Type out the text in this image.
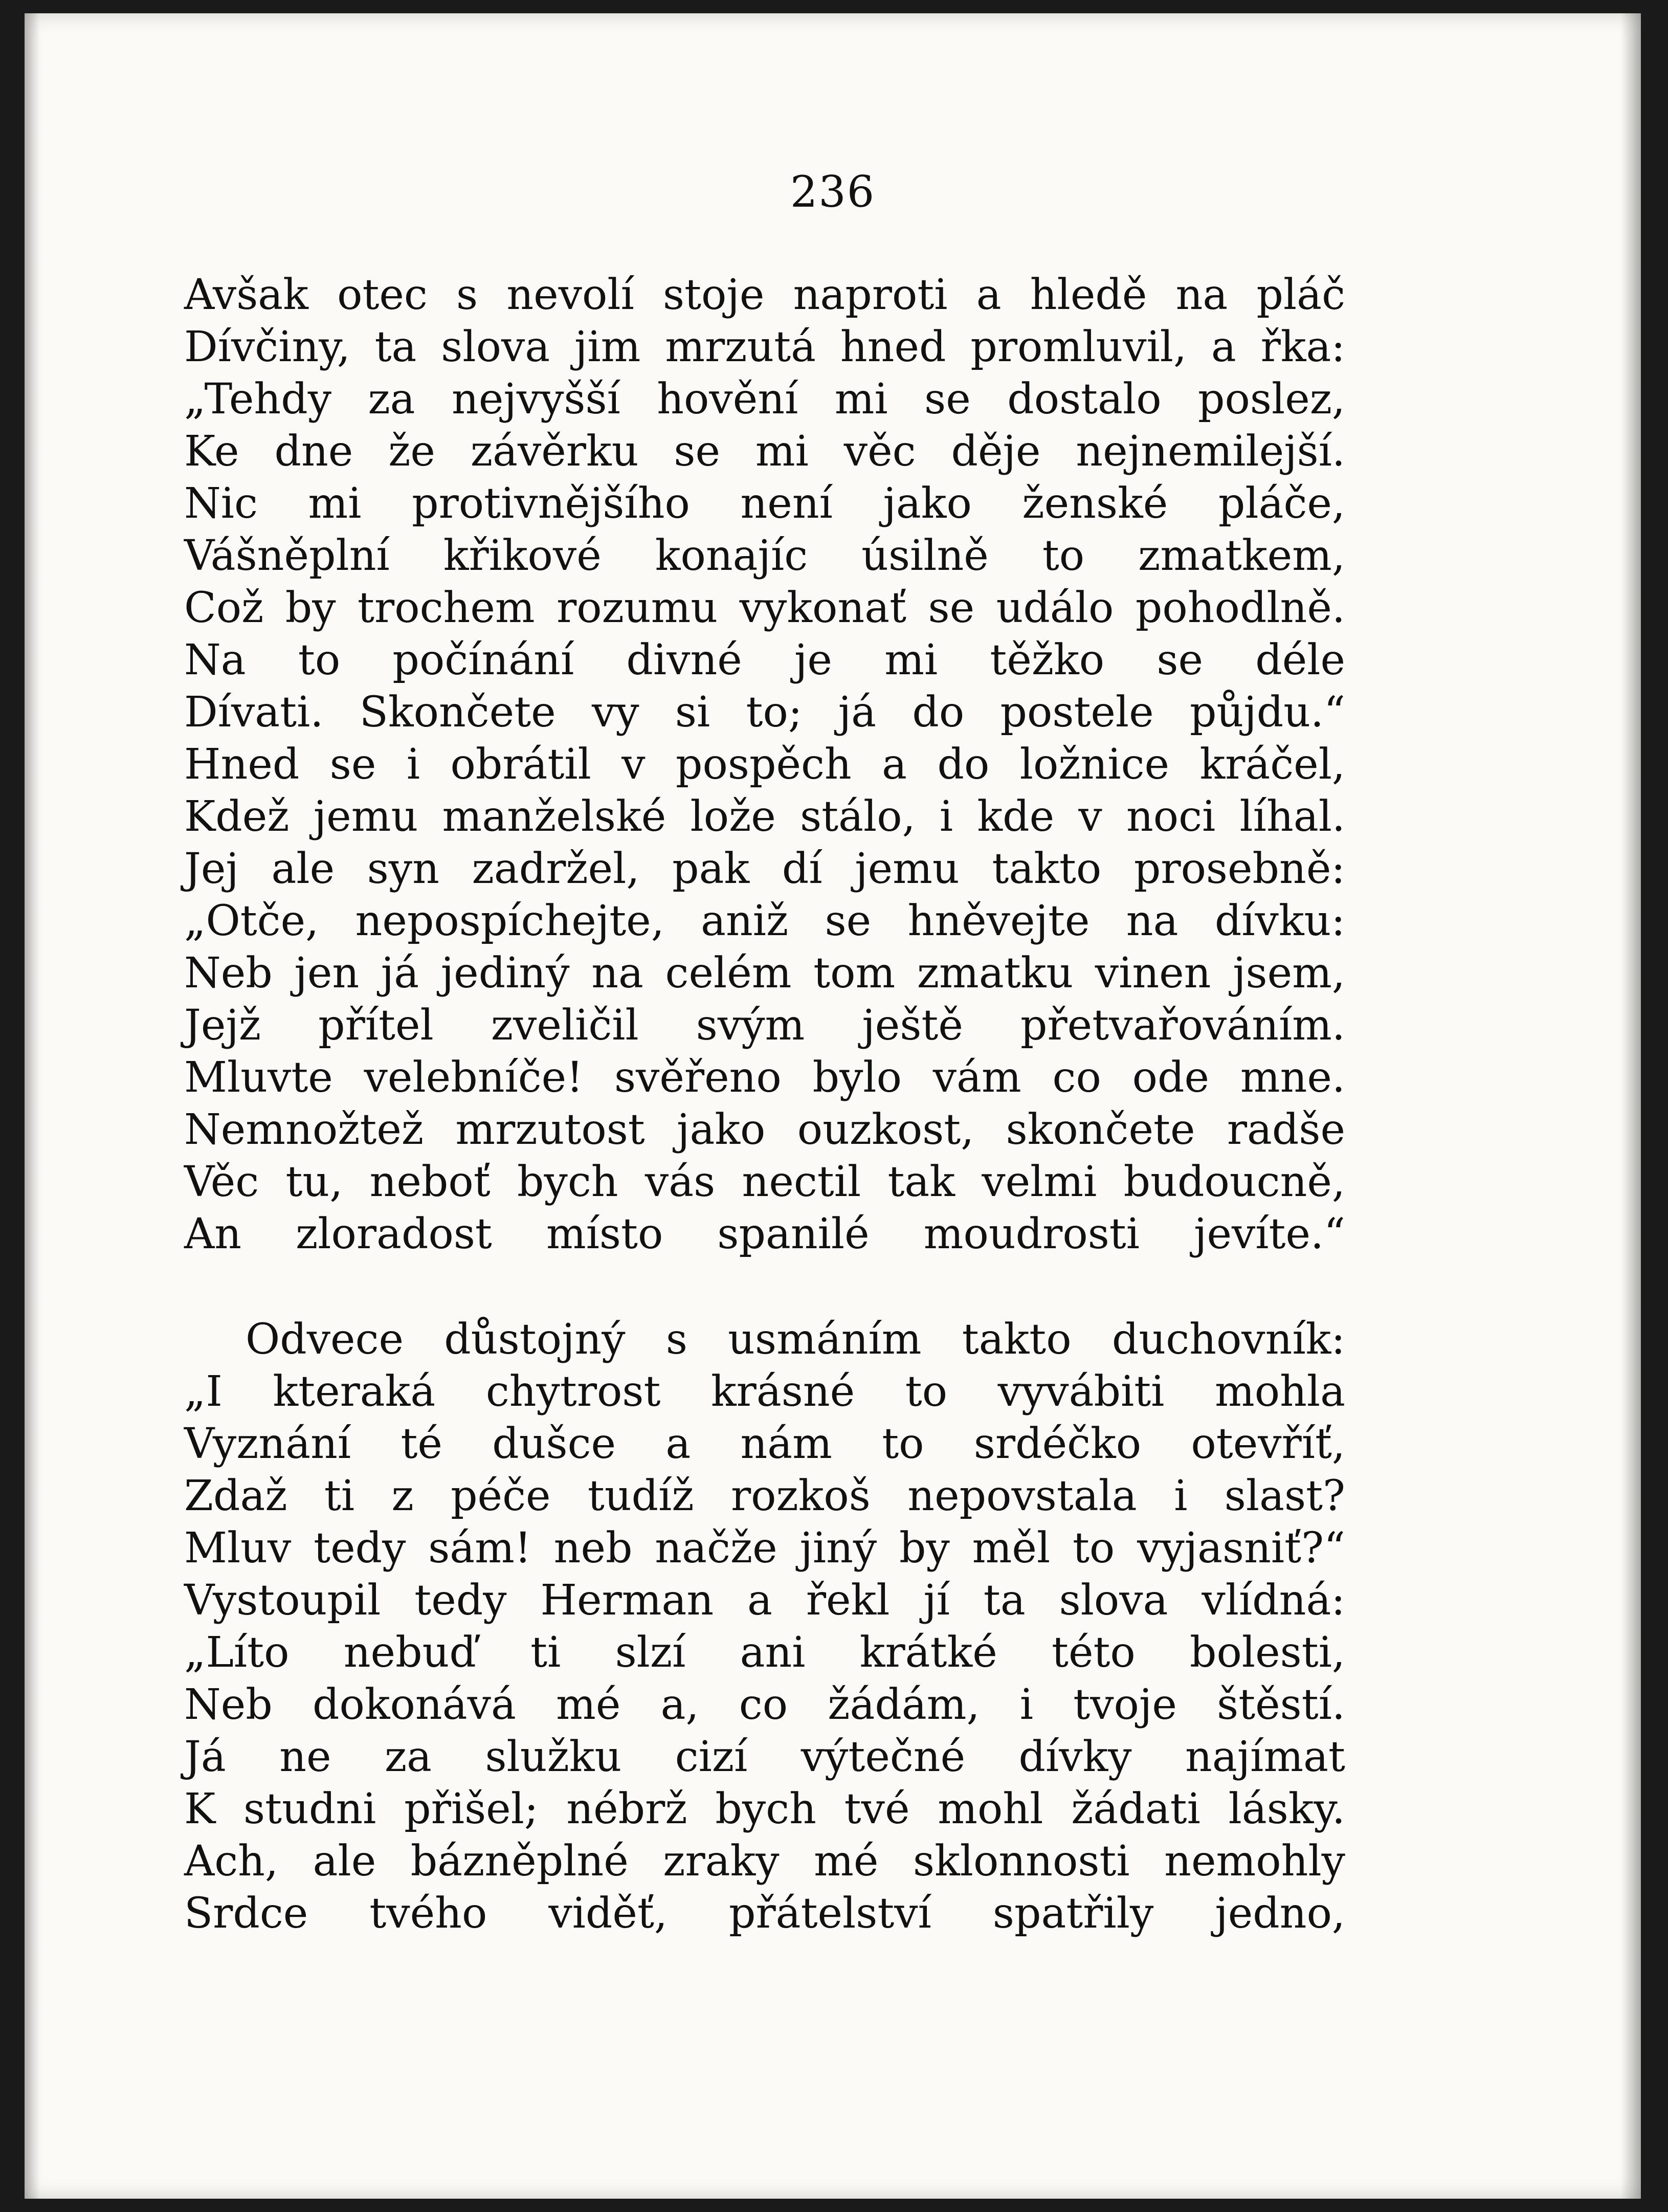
236
Avšak otec s nevolí stoje naproti a hledě na pláč
Dívčiny, ta slova jim mrzutá hned promluvil, a řka:
„Tehdy za nejvyšší hovění mi se dostalo poslez,
Ke dne že závěrku se mi věc děje nejnemilejší.
Nic mi protivnějšího není jako ženské pláče,
Vášněplní křikové konajíc úsilně to zmatkem,
Což by trochem rozumu vykonať se událo pohodlně.
Na to počínání divné je mi těžko se déle
Dívati. Skončete vy si to; já do postele půjdu.“
Hned se i obrátil v pospěch a do ložnice kráčel,
Kdež jemu manželské lože stálo, i kde v noci líhal.
Jej ale syn zadržel, pak dí jemu takto prosebně:
„Otče, nepospíchejte, aniž se hněvejte na dívku:
Neb jen já jediný na celém tom zmatku vinen jsem,
Jejž přítel zveličil svým ještě přetvařováním.
Mluvte velebníče! svěřeno bylo vám co ode mne.
Nemnožtež mrzutost jako ouzkost, skončete radše
Věc tu, neboť bych vás nectil tak velmi budoucně,
An zloradost místo spanilé moudrosti jevíte.“
Odvece důstojný s usmáním takto duchovník:
„I kteraká chytrost krásné to vyvábiti mohla
Vyznání té dušce a nám to srdéčko otevříť,
Zdaž ti z péče tudíž rozkoš nepovstala i slast?
Mluv tedy sám! neb načže jiný by měl to vyjasniť?“
Vystoupil tedy Herman a řekl jí ta slova vlídná:
„Líto nebuď ti slzí ani krátké této bolesti,
Neb dokonává mé a, co žádám, i tvoje štěstí.
Já ne za služku cizí výtečné dívky najímat
K studni přišel; nébrž bych tvé mohl žádati lásky.
Ach, ale bázněplné zraky mé sklonnosti nemohly
Srdce tvého viděť, přátelství spatřily jedno,
